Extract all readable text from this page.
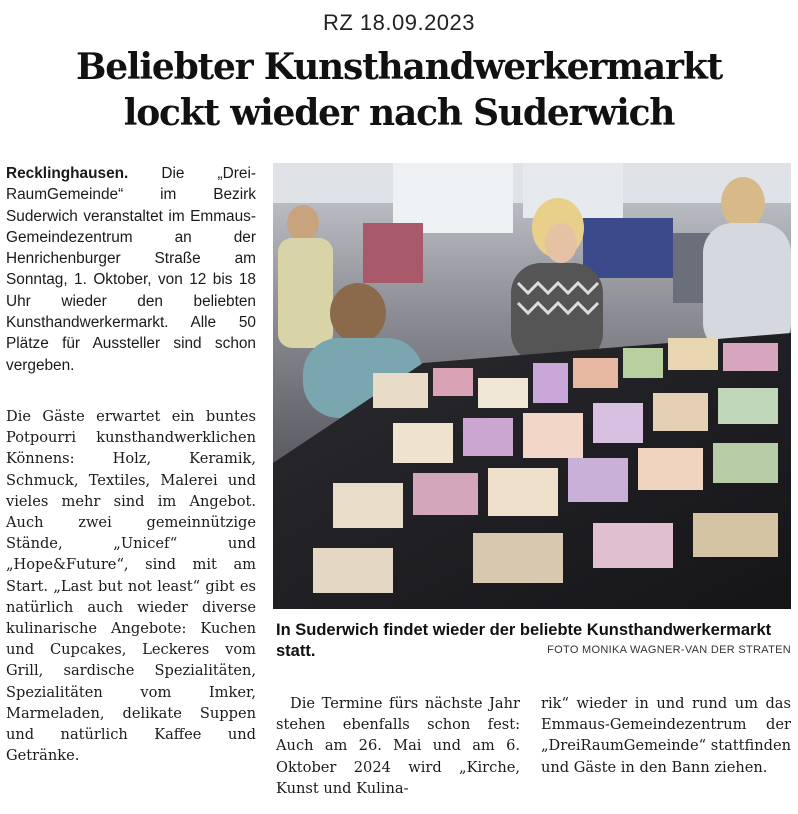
RZ 18.09.2023
Beliebter Kunsthandwerkermarkt
lockt wieder nach Suderwich

Recklinghausen. Die „Drei-RaumGemeinde“ im Bezirk Suderwich veranstaltet im Emmaus-Gemeindezentrum an der Henrichenburger Straße am Sonntag, 1. Oktober, von 12 bis 18 Uhr wieder den beliebten Kunsthandwerkermarkt. Alle 50 Plätze für Aussteller sind schon vergeben.

Die Gäste erwartet ein buntes Potpourri kunsthandwerklichen Könnens: Holz, Keramik, Schmuck, Textiles, Malerei und vieles mehr sind im Angebot. Auch zwei gemeinnützige Stände, „Unicef“ und „Hope&Future“, sind mit am Start. „Last but not least“ gibt es natürlich auch wieder diverse kulinarische Angebote: Kuchen und Cupcakes, Leckeres vom Grill, sardische Spezialitäten, Spezialitäten vom Imker, Marmeladen, delikate Suppen und natürlich Kaffee und Getränke.

In Suderwich findet wieder der beliebte Kunsthandwerkermarkt statt.	FOTO MONIKA WAGNER-VAN DER STRATEN

Die Termine fürs nächste Jahr stehen ebenfalls schon fest: Auch am 26. Mai und am 6. Oktober 2024 wird „Kirche, Kunst und Kulina-

rik“ wieder in und rund um das Emmaus-Gemeindezentrum der „DreiRaumGemeinde“ stattfinden und Gäste in den Bann ziehen.
